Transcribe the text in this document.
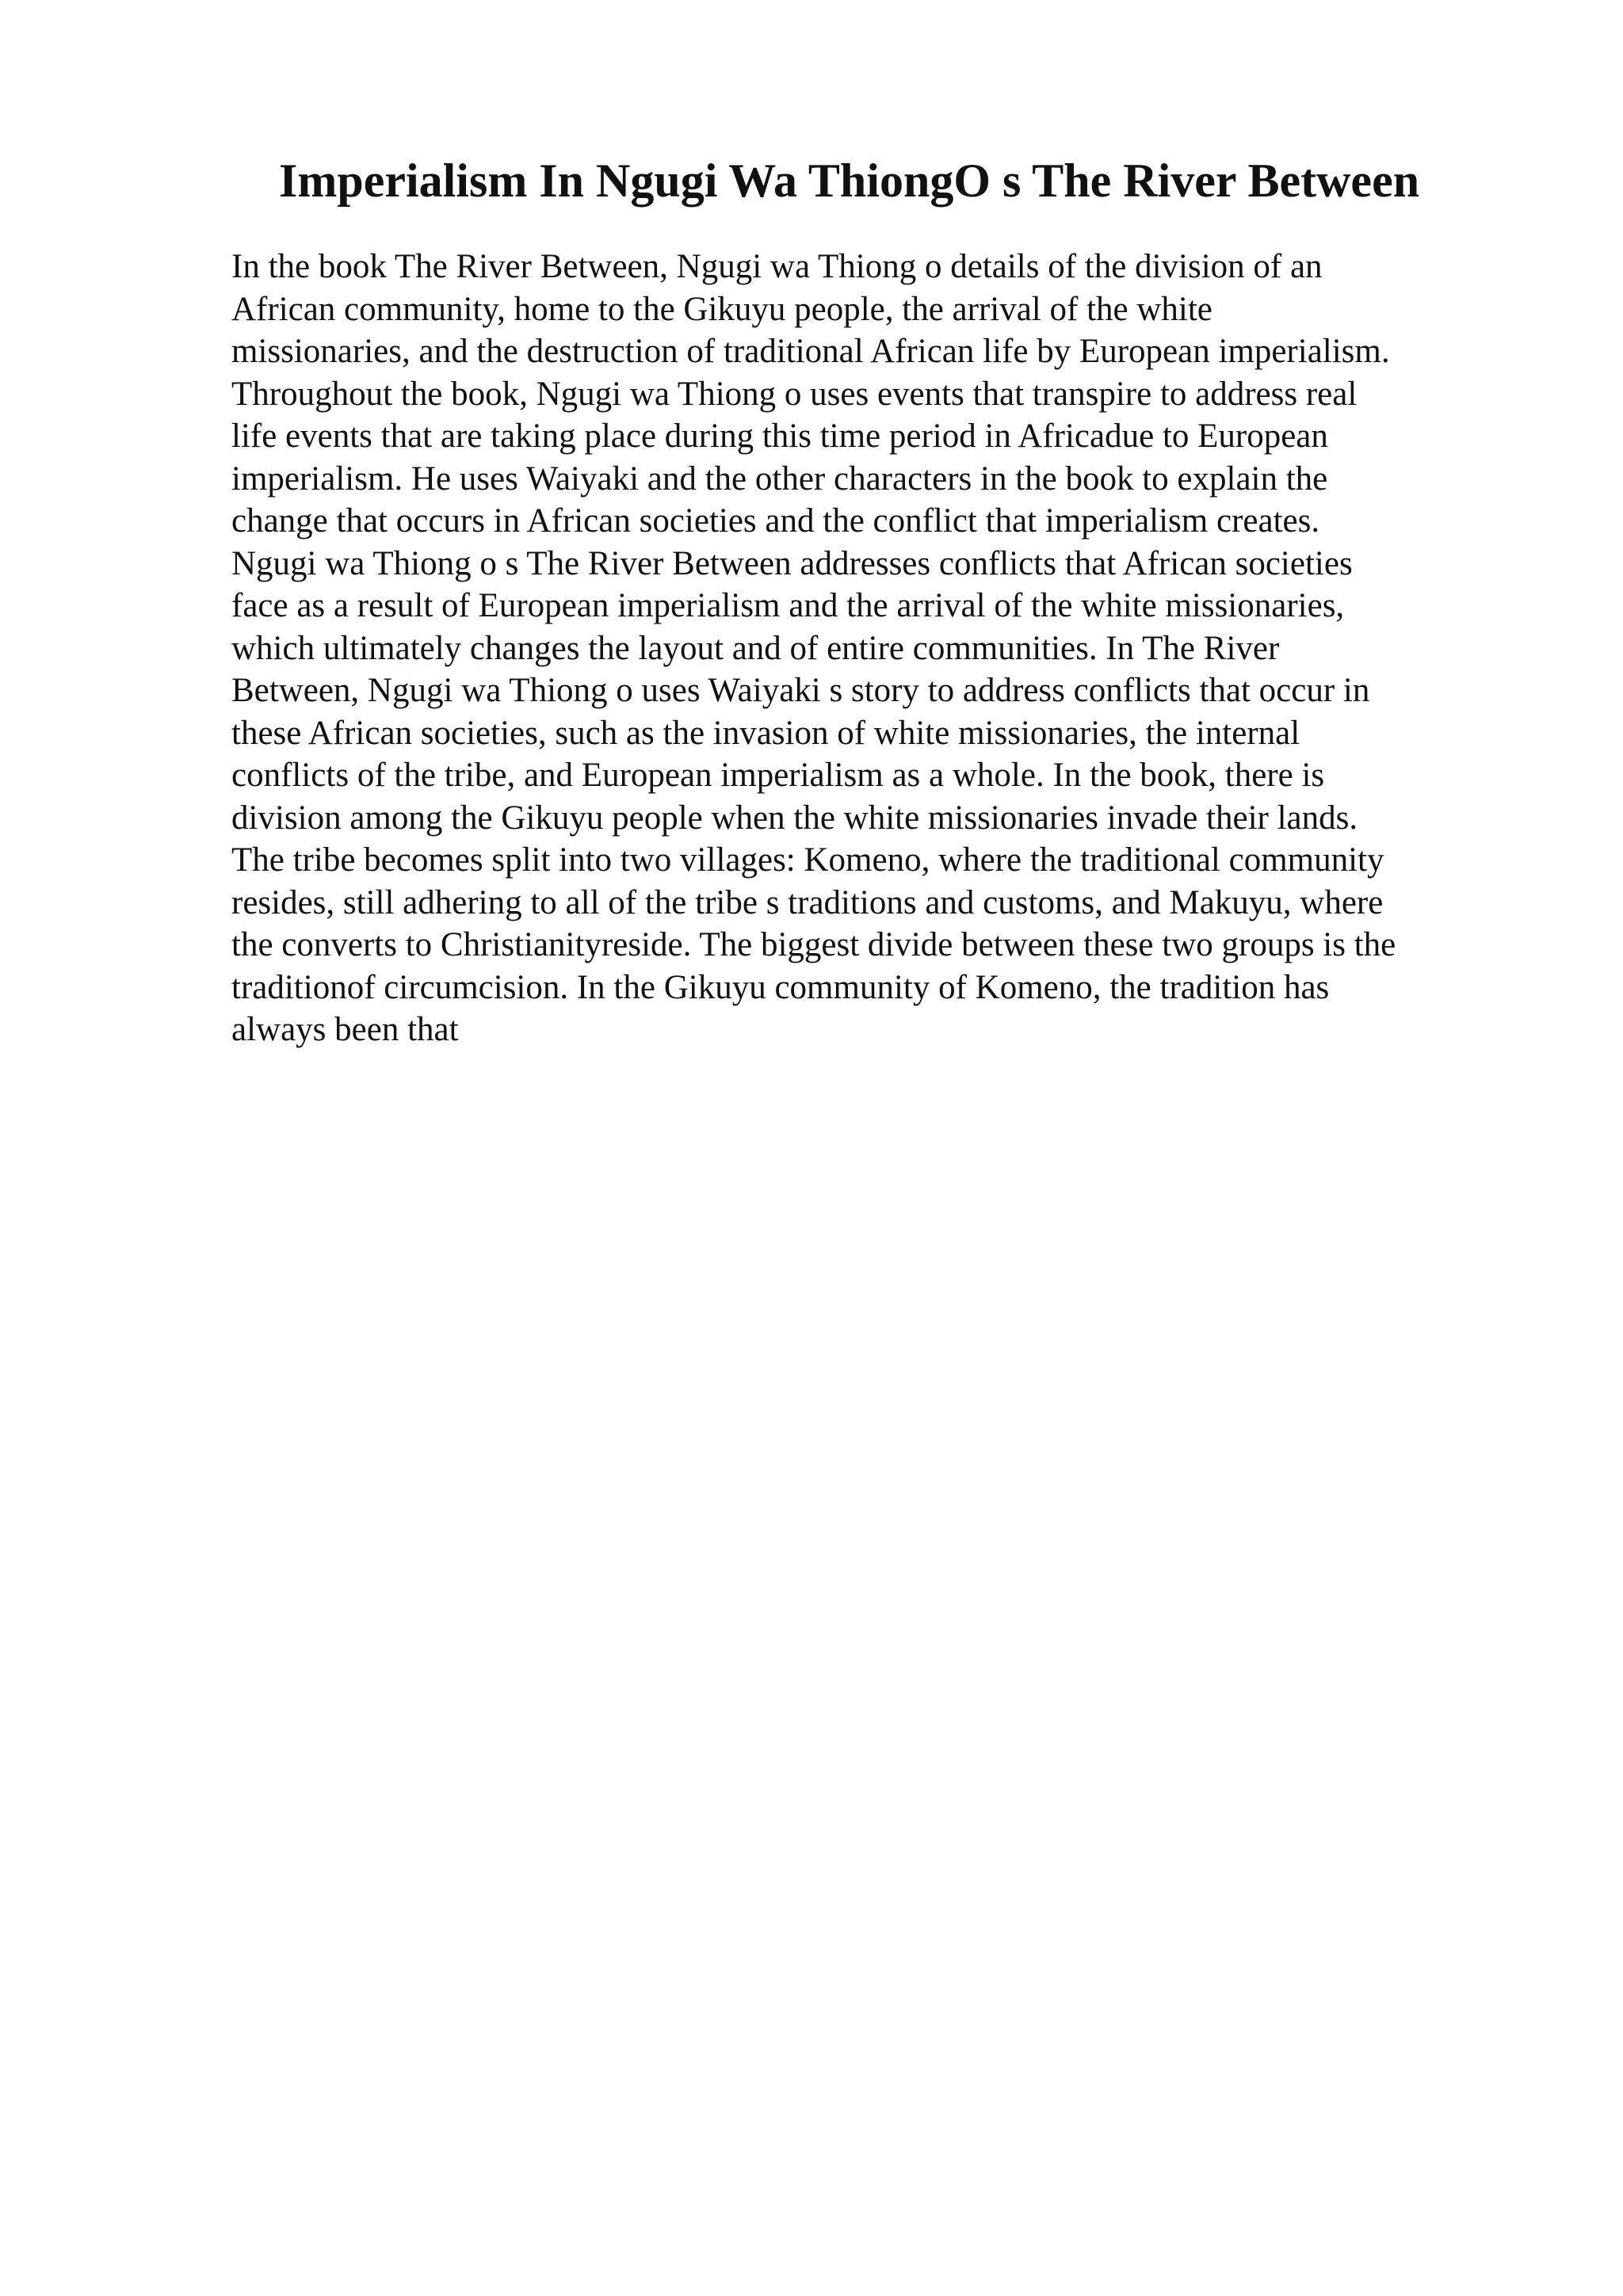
Imperialism In Ngugi Wa ThiongO s The River Between
In the book The River Between, Ngugi wa Thiong o details of the division of an
African community, home to the Gikuyu people, the arrival of the white
missionaries, and the destruction of traditional African life by European imperialism.
Throughout the book, Ngugi wa Thiong o uses events that transpire to address real
life events that are taking place during this time period in Africadue to European
imperialism. He uses Waiyaki and the other characters in the book to explain the
change that occurs in African societies and the conflict that imperialism creates.
Ngugi wa Thiong o s The River Between addresses conflicts that African societies
face as a result of European imperialism and the arrival of the white missionaries,
which ultimately changes the layout and of entire communities. In The River
Between, Ngugi wa Thiong o uses Waiyaki s story to address conflicts that occur in
these African societies, such as the invasion of white missionaries, the internal
conflicts of the tribe, and European imperialism as a whole. In the book, there is
division among the Gikuyu people when the white missionaries invade their lands.
The tribe becomes split into two villages: Komeno, where the traditional community
resides, still adhering to all of the tribe s traditions and customs, and Makuyu, where
the converts to Christianityreside. The biggest divide between these two groups is the
traditionof circumcision. In the Gikuyu community of Komeno, the tradition has
always been that
